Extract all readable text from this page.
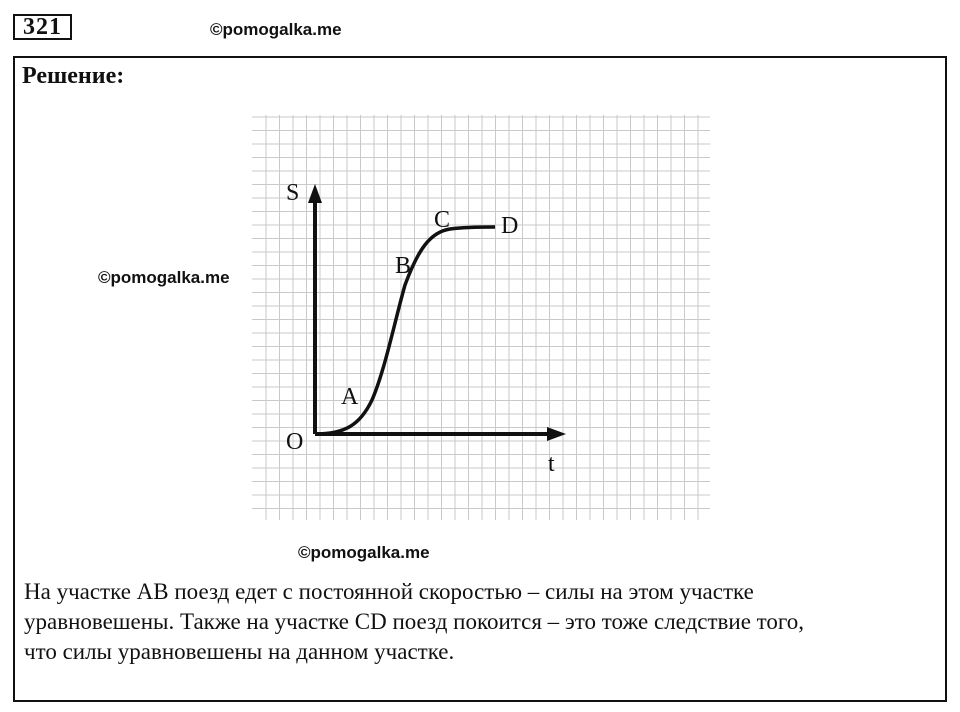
321	©pomogalka.me
Решение:
S
t
O
A
B
C D
©pomogalka.me
©pomogalka.me
На участке AB поезд едет с постоянной скоростью – силы на этом участке
уравновешены. Также на участке CD поезд покоится – это тоже следствие того,
что силы уравновешены на данном участке.
